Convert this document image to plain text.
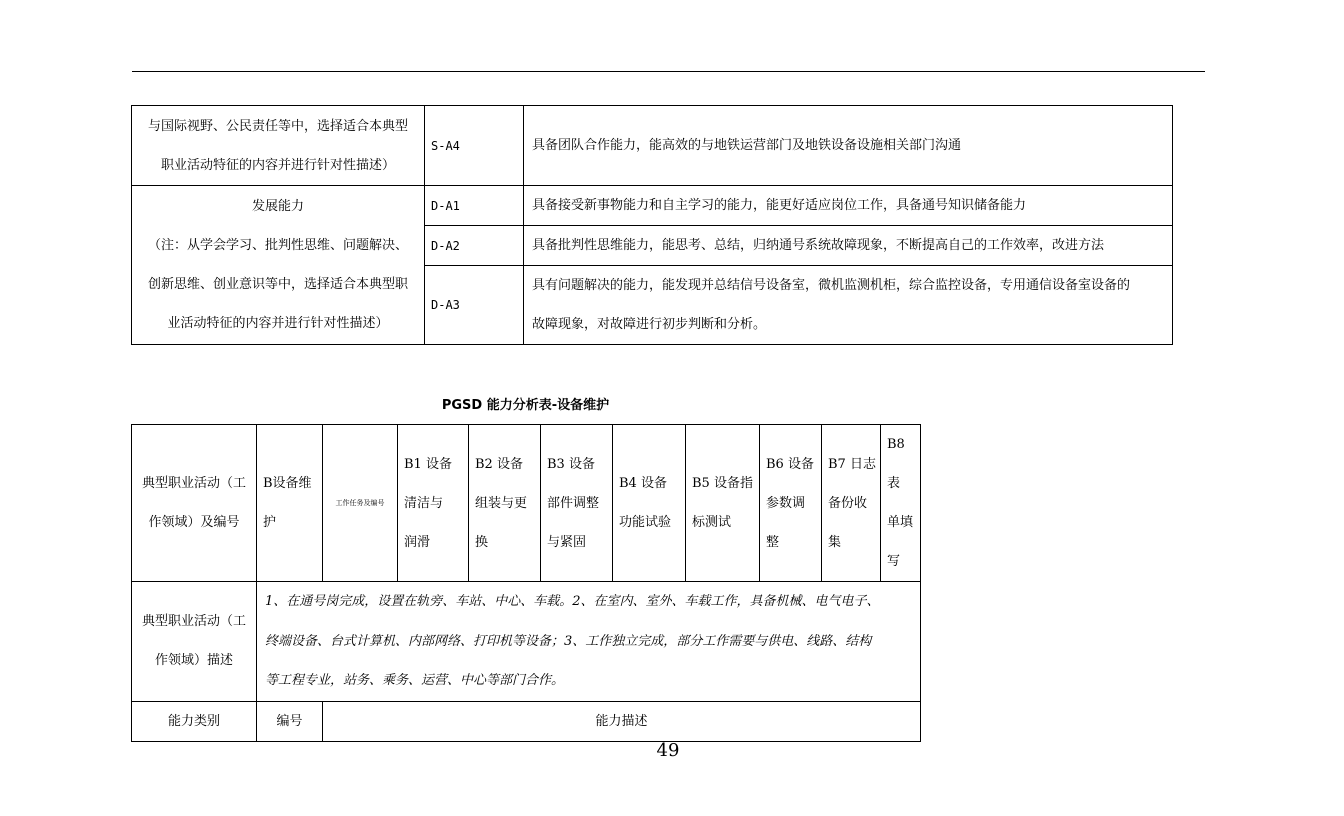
与国际视野、公民责任等中，选择适合本典型
职业活动特征的内容并进行针对性描述）	S-A4	具备团队合作能力，能高效的与地铁运营部门及地铁设备设施相关部门沟通

发展能力
（注：从学会学习、批判性思维、问题解决、
创新思维、创业意识等中，选择适合本典型职
业活动特征的内容并进行针对性描述）	D-A1	具备接受新事物能力和自主学习的能力，能更好适应岗位工作，具备通号知识储备能力
	D-A2	具备批判性思维能力，能思考、总结，归纳通号系统故障现象，不断提高自己的工作效率，改进方法
	D-A3	具有问题解决的能力，能发现并总结信号设备室，微机监测机柜，综合监控设备，专用通信设备室设备的
故障现象，对故障进行初步判断和分析。
PGSD 能力分析表-设备维护
典型职业活动（工
作领域）及编号	B设备维
护	工作任务及编号	B1 设备
清洁与
润滑	B2 设备
组装与更
换	B3 设备
部件调整
与紧固	B4 设备
功能试验	B5 设备指
标测试	B6 设备
参数调
整	B7 日志
备份收
集	B8 表
单填
写

典型职业活动（工
作领域）描述	1、在通号岗完成，设置在轨旁、车站、中心、车载。2、在室内、室外、车载工作，具备机械、电气电子、
终端设备、台式计算机、内部网络、打印机等设备；3、工作独立完成，部分工作需要与供电、线路、结构
等工程专业，站务、乘务、运营、中心等部门合作。									

能力类别	编号	能力描述								
49
